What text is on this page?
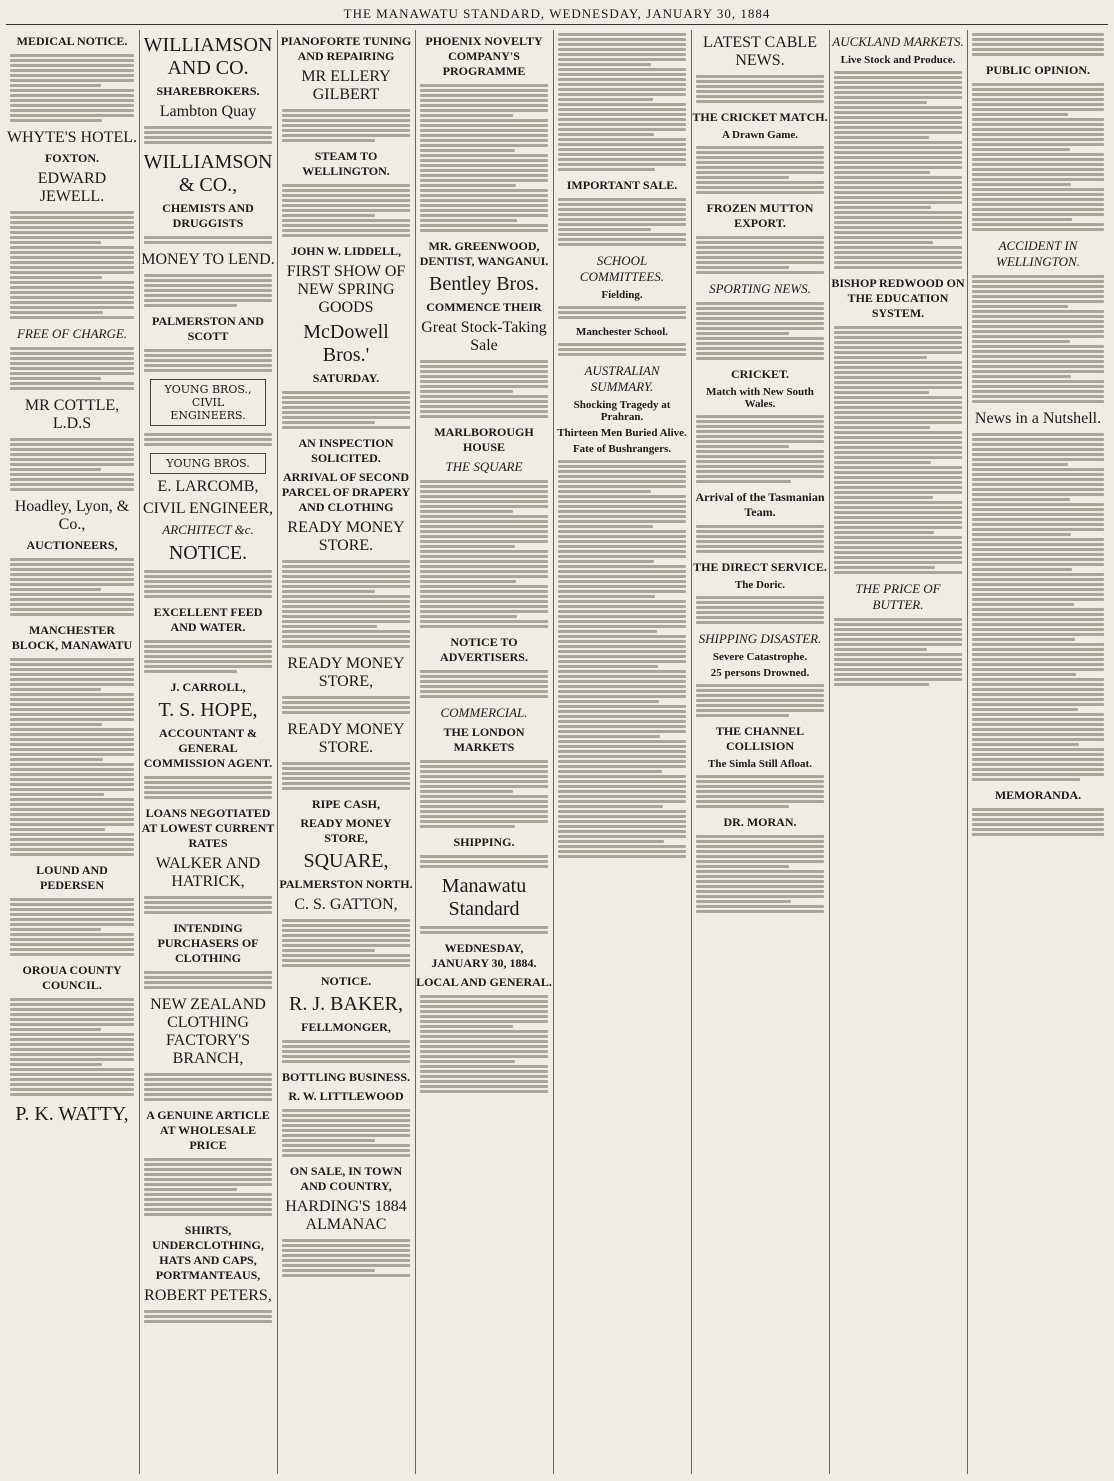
THE MANAWATU STANDARD, WEDNESDAY, JANUARY 30, 1884
MEDICAL NOTICE.
WHYTE'S HOTEL.
FOXTON.
EDWARD JEWELL.
FREE OF CHARGE.
MR COTTLE, L.D.S
Hoadley, Lyon, & Co.,
AUCTIONEERS,
MANCHESTER BLOCK, MANAWATU
LOUND AND PEDERSEN
OROUA COUNTY COUNCIL.
P. K. WATTY,
WILLIAMSON AND CO.
SHAREBROKERS.
Lambton Quay
WILLIAMSON & CO.,
CHEMISTS AND DRUGGISTS
MONEY TO LEND.
PALMERSTON AND SCOTT
YOUNG BROS., CIVIL ENGINEERS.
YOUNG BROS.
E. LARCOMB,
CIVIL ENGINEER,
ARCHITECT &c.
NOTICE.
EXCELLENT FEED AND WATER.
J. CARROLL,
T. S. HOPE,
ACCOUNTANT & GENERAL COMMISSION AGENT.
LOANS NEGOTIATED AT LOWEST CURRENT RATES
WALKER AND HATRICK,
INTENDING PURCHASERS OF CLOTHING
NEW ZEALAND CLOTHING FACTORY'S BRANCH,
A GENUINE ARTICLE AT WHOLESALE PRICE
SHIRTS, UNDERCLOTHING, HATS AND CAPS, PORTMANTEAUS,
ROBERT PETERS,
PIANOFORTE TUNING AND REPAIRING
MR ELLERY GILBERT
STEAM TO WELLINGTON.
JOHN W. LIDDELL,
FIRST SHOW OF NEW SPRING GOODS
McDowell Bros.'
SATURDAY.
AN INSPECTION SOLICITED.
ARRIVAL OF SECOND PARCEL OF DRAPERY AND CLOTHING
READY MONEY STORE.
READY MONEY STORE,
READY MONEY STORE.
RIPE CASH,
READY MONEY STORE,
SQUARE,
PALMERSTON NORTH.
C. S. GATTON,
NOTICE.
R. J. BAKER,
FELLMONGER,
BOTTLING BUSINESS.
R. W. LITTLEWOOD
ON SALE, IN TOWN AND COUNTRY,
HARDING'S 1884 ALMANAC
PHOENIX NOVELTY COMPANY'S PROGRAMME
MR. GREENWOOD, DENTIST, WANGANUI.
Bentley Bros.
COMMENCE THEIR
Great Stock-Taking Sale
MARLBOROUGH HOUSE
THE SQUARE
NOTICE TO ADVERTISERS.
COMMERCIAL.
THE LONDON MARKETS
SHIPPING.
Manawatu Standard
WEDNESDAY, JANUARY 30, 1884.
LOCAL AND GENERAL.
IMPORTANT SALE.
SCHOOL COMMITTEES.
Fielding.
Manchester School.
AUSTRALIAN SUMMARY.
Shocking Tragedy at Prahran.
Thirteen Men Buried Alive.
Fate of Bushrangers.
LATEST CABLE NEWS.
THE CRICKET MATCH.
A Drawn Game.
FROZEN MUTTON EXPORT.
SPORTING NEWS.
CRICKET.
Match with New South Wales.
Arrival of the Tasmanian Team.
THE DIRECT SERVICE.
The Doric.
SHIPPING DISASTER.
Severe Catastrophe.
25 persons Drowned.
THE CHANNEL COLLISION
The Simla Still Afloat.
DR. MORAN.
AUCKLAND MARKETS.
Live Stock and Produce.
BISHOP REDWOOD ON THE EDUCATION SYSTEM.
THE PRICE OF BUTTER.
PUBLIC OPINION.
ACCIDENT IN WELLINGTON.
News in a Nutshell.
MEMORANDA.
